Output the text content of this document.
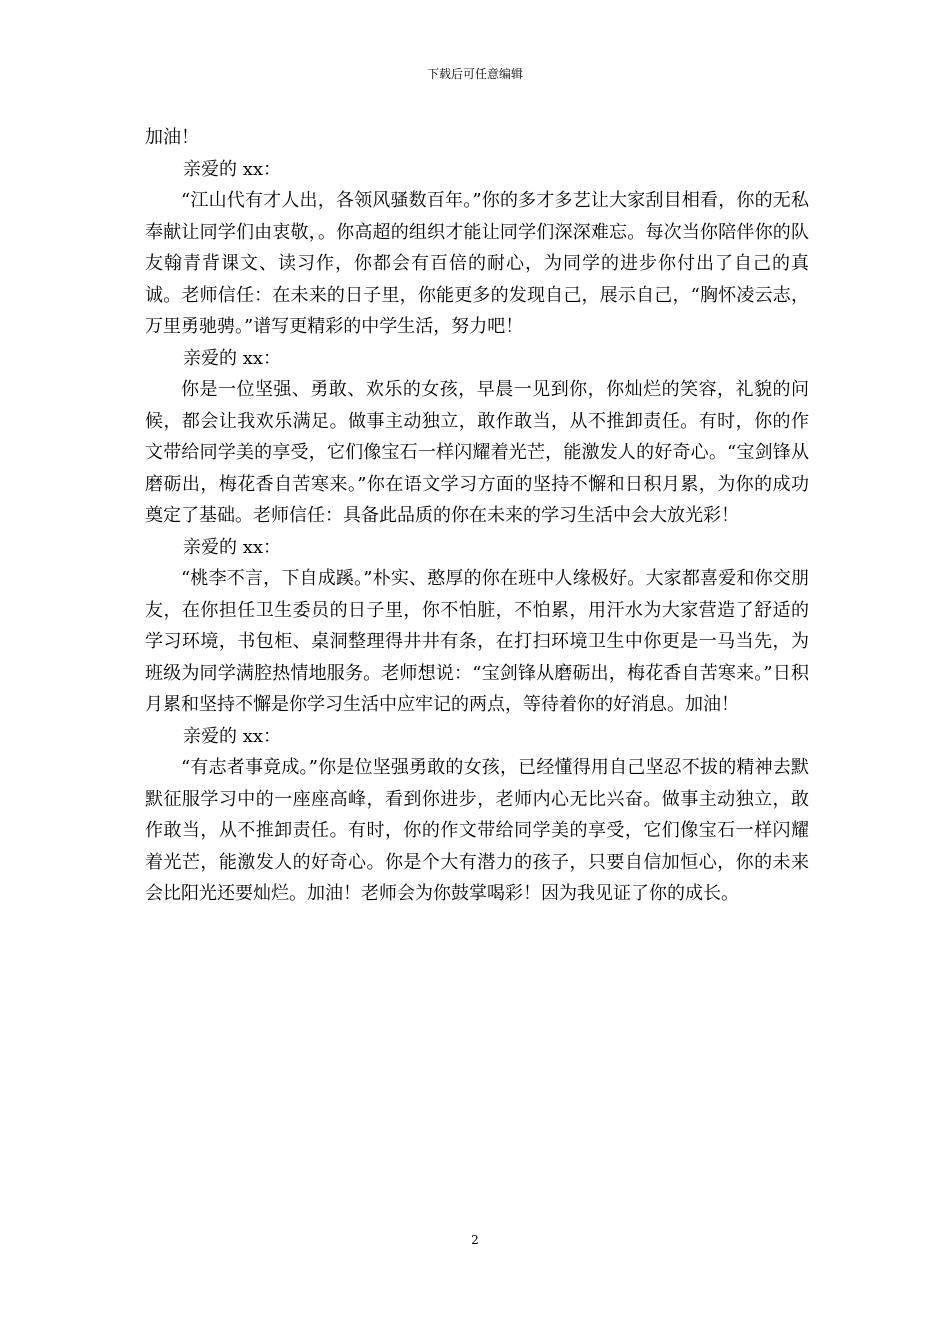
下载后可任意编辑

加油！

亲爱的 xx：

“江山代有才人出，各领风骚数百年。”你的多才多艺让大家刮目相看，你的无私奉献让同学们由衷敬，。你高超的组织才能让同学们深深难忘。每次当你陪伴你的队友翰青背课文、读习作，你都会有百倍的耐心，为同学的进步你付出了自己的真诚。老师信任：在未来的日子里，你能更多的发现自己，展示自己，“胸怀凌云志，万里勇驰骋。”谱写更精彩的中学生活，努力吧！

亲爱的 xx：

你是一位坚强、勇敢、欢乐的女孩，早晨一见到你，你灿烂的笑容，礼貌的问候，都会让我欢乐满足。做事主动独立，敢作敢当，从不推卸责任。有时，你的作文带给同学美的享受，它们像宝石一样闪耀着光芒，能激发人的好奇心。“宝剑锋从磨砺出，梅花香自苦寒来。”你在语文学习方面的坚持不懈和日积月累，为你的成功奠定了基础。老师信任：具备此品质的你在未来的学习生活中会大放光彩！

亲爱的 xx：

“桃李不言，下自成蹊。”朴实、憨厚的你在班中人缘极好。大家都喜爱和你交朋友，在你担任卫生委员的日子里，你不怕脏，不怕累，用汗水为大家营造了舒适的学习环境，书包柜、桌洞整理得井井有条，在打扫环境卫生中你更是一马当先，为班级为同学满腔热情地服务。老师想说：“宝剑锋从磨砺出，梅花香自苦寒来。”日积月累和坚持不懈是你学习生活中应牢记的两点，等待着你的好消息。加油！

亲爱的 xx：

“有志者事竟成。”你是位坚强勇敢的女孩，已经懂得用自己坚忍不拔的精神去默默征服学习中的一座座高峰，看到你进步，老师内心无比兴奋。做事主动独立，敢作敢当，从不推卸责任。有时，你的作文带给同学美的享受，它们像宝石一样闪耀着光芒，能激发人的好奇心。你是个大有潜力的孩子，只要自信加恒心，你的未来会比阳光还要灿烂。加油！老师会为你鼓掌喝彩！因为我见证了你的成长。

2
